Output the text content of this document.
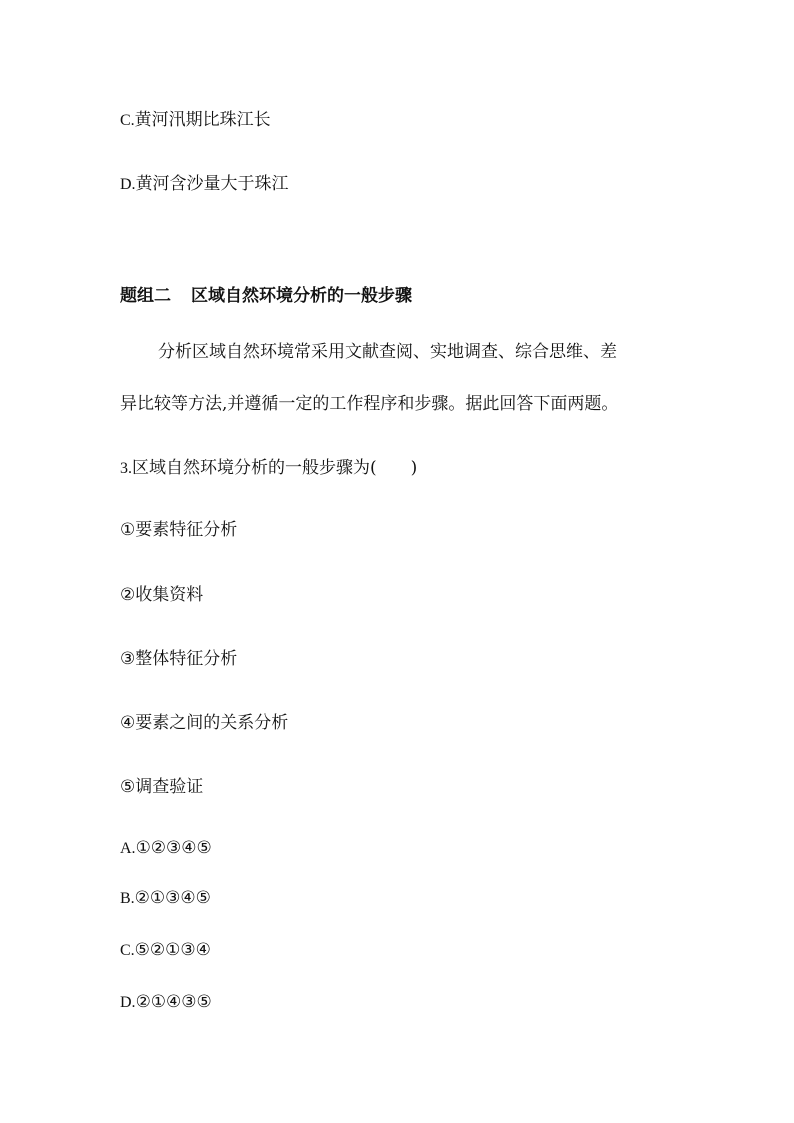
C.黄河汛期比珠江长
D.黄河含沙量大于珠江
题组二 区域自然环境分析的一般步骤
分析区域自然环境常采用文献查阅、实地调查、综合思维、差
异比较等方法,并遵循一定的工作程序和步骤。据此回答下面两题。
3.区域自然环境分析的一般步骤为( )
①要素特征分析
②收集资料
③整体特征分析
④要素之间的关系分析
⑤调查验证
A.①②③④⑤
B.②①③④⑤
C.⑤②①③④
D.②①④③⑤
